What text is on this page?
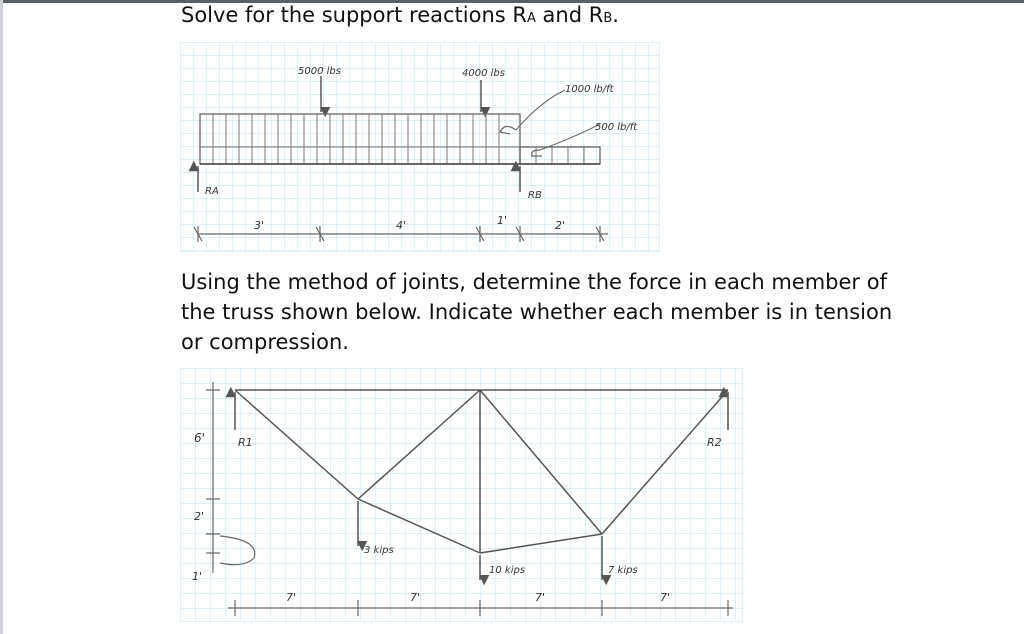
Solve for the support reactions RA and RB.
5000 lbs	4000 lbs
1000 lb/ft
500 lb/ft
RA	RB
3'	4'	1'	2'

Using the method of joints, determine the force in each member of
the truss shown below. Indicate whether each member is in tension
or compression.

R1	R2
3 kips
10 kips	7 kips
6'
2'
1'
7'	7'	7'	7'
